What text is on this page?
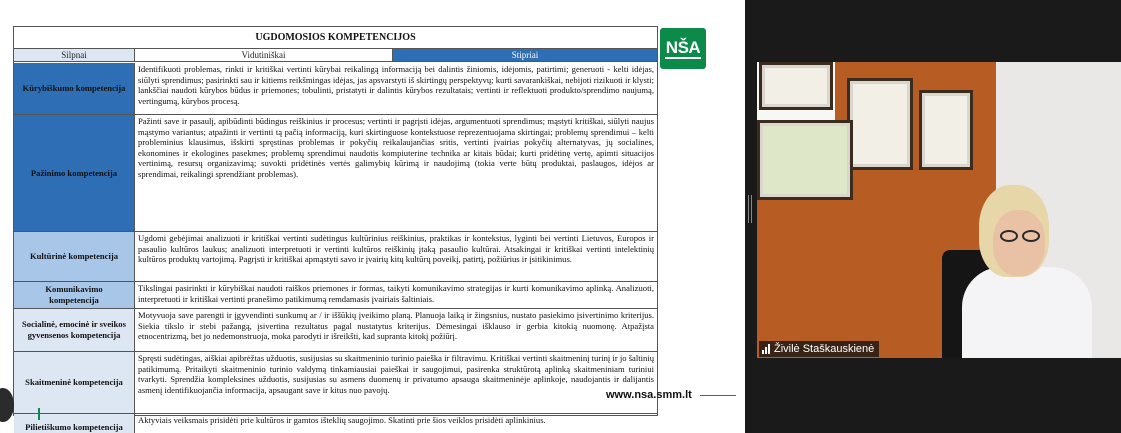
UGDOMOSIOS KOMPETENCIJOS
Silpnai	Vidutiniškai	Stipriai
Kūrybiškumo kompetencija
Identifikuoti problemas, rinkti ir kritiškai vertinti kūrybai reikalingą informaciją bei dalintis žiniomis, idėjomis, patirtimi; generuoti - kelti idėjas, siūlyti sprendimus; pasirinkti sau ir kitiems reikšmingas idėjas, jas apsvarstyti iš skirtingų perspektyvų; kurti savarankiškai, nebijoti rizikuoti ir klysti; lankščiai naudoti kūrybos būdus ir priemones; tobulinti, pristatyti ir dalintis kūrybos rezultatais; vertinti ir reflektuoti produkto/sprendimo naujumą, vertingumą, kūrybos procesą.
Pažinimo kompetencija
Pažinti save ir pasaulį, apibūdinti būdingus reiškinius ir procesus; vertinti ir pagrįsti idėjas, argumentuoti sprendimus; mąstyti kritiškai, siūlyti naujus mąstymo variantus; atpažinti ir vertinti tą pačią informaciją, kuri skirtinguose kontekstuose reprezentuojama skirtingai; problemų sprendimui – kelti probleminius klausimus, išskirti spręstinas problemas ir pokyčių reikalaujančias sritis, vertinti įvairias pokyčių alternatyvas, jų socialines, ekonomines ir ekologines pasekmes; problemų sprendimui naudotis kompiuterine technika ar kitais būdai; kurti pridėtinę vertę, apimti situacijos vertinimą, resursų organizavimą; suvokti pridėtinės vertės galimybių kūrimą ir naudojimą (tokia verte būtų produktai, paslaugos, idėjos ar sprendimai, reikalingi sprendžiant problemas).
Kultūrinė kompetencija
Ugdomi gebėjimai analizuoti ir kritiškai vertinti sudėtingus kultūrinius reiškinius, praktikas ir kontekstus, lyginti bei vertinti Lietuvos, Europos ir pasaulio kultūros laukus; analizuoti interpretuoti ir vertinti kultūros reiškinių įtaką pasaulio kultūrai. Atsakingai ir kritiškai vertinti intelektinių kultūros produktų vartojimą. Pagrįsti ir kritiškai apmąstyti savo ir įvairių kitų kultūrų poveikį, patirtį, požiūrius ir įsitikinimus.
Komunikavimo kompetencija
Tikslingai pasirinkti ir kūrybiškai naudoti raiškos priemones ir formas, taikyti komunikavimo strategijas ir kurti komunikavimo aplinką. Analizuoti, interpretuoti ir kritiškai vertinti pranešimo patikimumą remdamasis įvairiais šaltiniais.
Socialinė, emocinė ir sveikos gyvensenos kompetencija
Motyvuoja save parengti ir įgyvendinti sunkumų ar / ir iššūkių įveikimo planą. Planuoja laiką ir žingsnius, nustato pasiekimo įsivertinimo kriterijus. Siekia tikslo ir stebi pažangą, įsivertina rezultatus pagal nustatytus kriterijus. Dėmesingai išklauso ir gerbia kitokią nuomonę. Atpažįsta etnocentrizmą, bet jo nedemonstruoja, moka parodyti ir išreikšti, kad supranta kitokį požiūrį.
Skaitmeninė kompetencija
Spręsti sudėtingas, aiškiai apibrėžtas užduotis, susijusias su skaitmeninio turinio paieška ir filtravimu. Kritiškai vertinti skaitmeninį turinį ir jo šaltinių patikimumą. Pritaikyti skaitmeninio turinio valdymą tinkamiausiai paieškai ir saugojimui, pasirenka struktūrotą aplinką skaitmeniniam turiniui tvarkyti. Sprendžia kompleksines užduotis, susijusias su asmens duomenų ir privatumo apsauga skaitmeninėje aplinkoje, naudojantis ir dalijantis asmenį identifikuojančia informacija, apsaugant save ir kitus nuo pavojų.
Pilietiškumo kompetencija
Aktyviais veiksmais prisidėti prie kultūros ir gamtos išteklių saugojimo. Skatinti prie šios veiklos prisidėti aplinkinius.
NŠA
www.nsa.smm.lt
Živilė Staškauskienė
